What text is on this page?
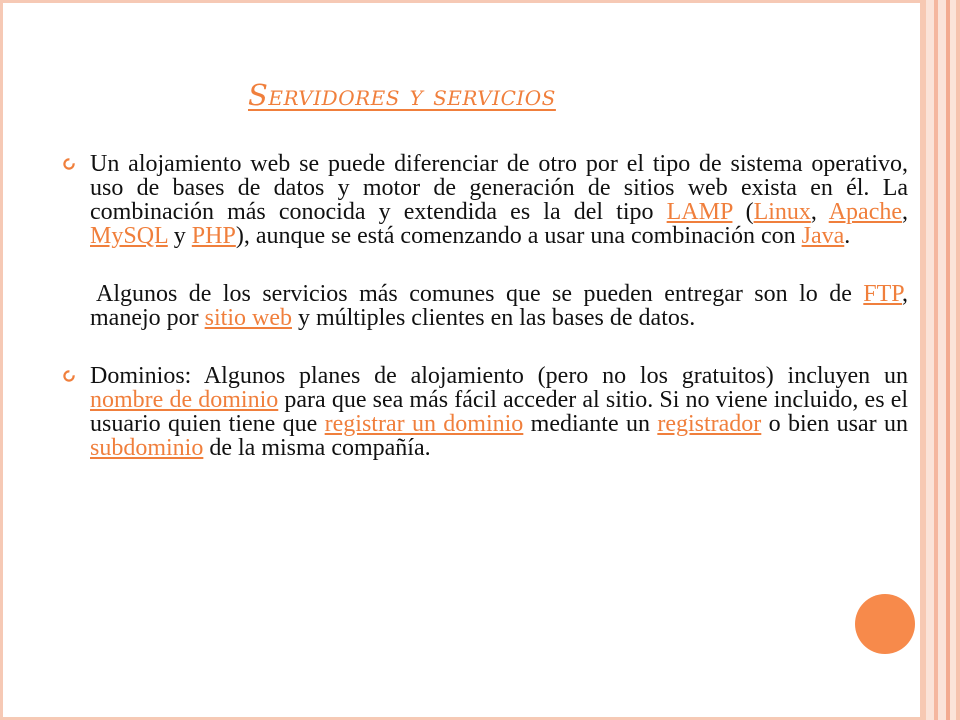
Servidores y servicios
Un alojamiento web se puede diferenciar de otro por el tipo de sistema operativo, uso de bases de datos y motor de generación de sitios web exista en él. La combinación más conocida y extendida es la del tipo LAMP (Linux, Apache, MySQL y PHP), aunque se está comenzando a usar una combinación con Java.
Algunos de los servicios más comunes que se pueden entregar son lo de FTP, manejo por sitio web y múltiples clientes en las bases de datos.
Dominios: Algunos planes de alojamiento (pero no los gratuitos) incluyen un nombre de dominio para que sea más fácil acceder al sitio. Si no viene incluido, es el usuario quien tiene que registrar un dominio mediante un registrador o bien usar un subdominio de la misma compañía.
